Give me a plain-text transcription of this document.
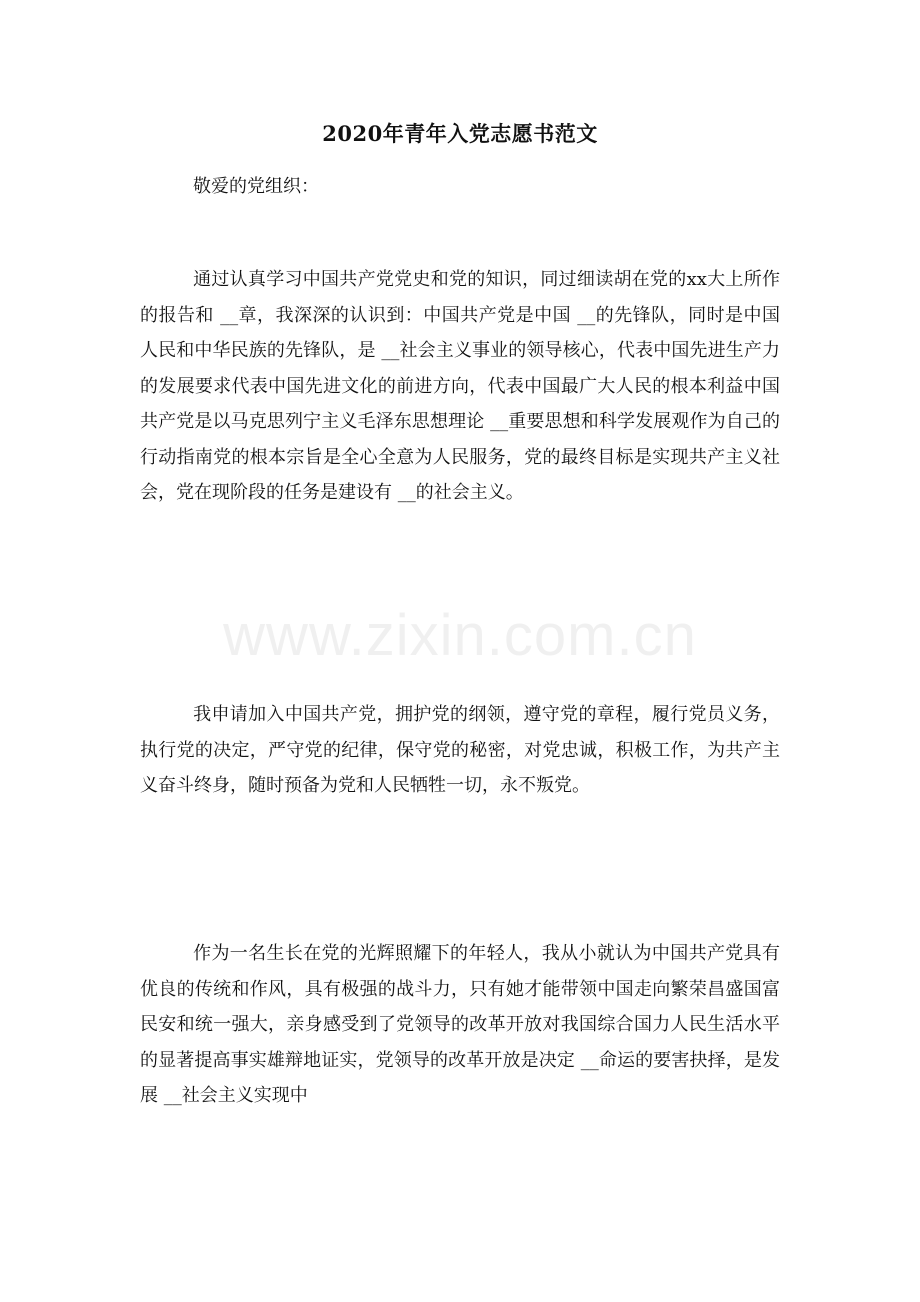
2020年青年入党志愿书范文
敬爱的党组织：
通过认真学习中国共产党党史和党的知识，同过细读胡在党的xx大上所作的报告和 __章，我深深的认识到：中国共产党是中国 __的先锋队，同时是中国人民和中华民族的先锋队，是 __社会主义事业的领导核心，代表中国先进生产力的发展要求代表中国先进文化的前进方向，代表中国最广大人民的根本利益中国共产党是以马克思列宁主义毛泽东思想理论 __重要思想和科学发展观作为自己的行动指南党的根本宗旨是全心全意为人民服务，党的最终目标是实现共产主义社会，党在现阶段的任务是建设有 __的社会主义。
www.zixin.com.cn
我申请加入中国共产党，拥护党的纲领，遵守党的章程，履行党员义务，执行党的决定，严守党的纪律，保守党的秘密，对党忠诚，积极工作，为共产主义奋斗终身，随时预备为党和人民牺牲一切，永不叛党。
作为一名生长在党的光辉照耀下的年轻人，我从小就认为中国共产党具有优良的传统和作风，具有极强的战斗力，只有她才能带领中国走向繁荣昌盛国富民安和统一强大，亲身感受到了党领导的改革开放对我国综合国力人民生活水平的显著提高事实雄辩地证实，党领导的改革开放是决定 __命运的要害抉择，是发展 __社会主义实现中
